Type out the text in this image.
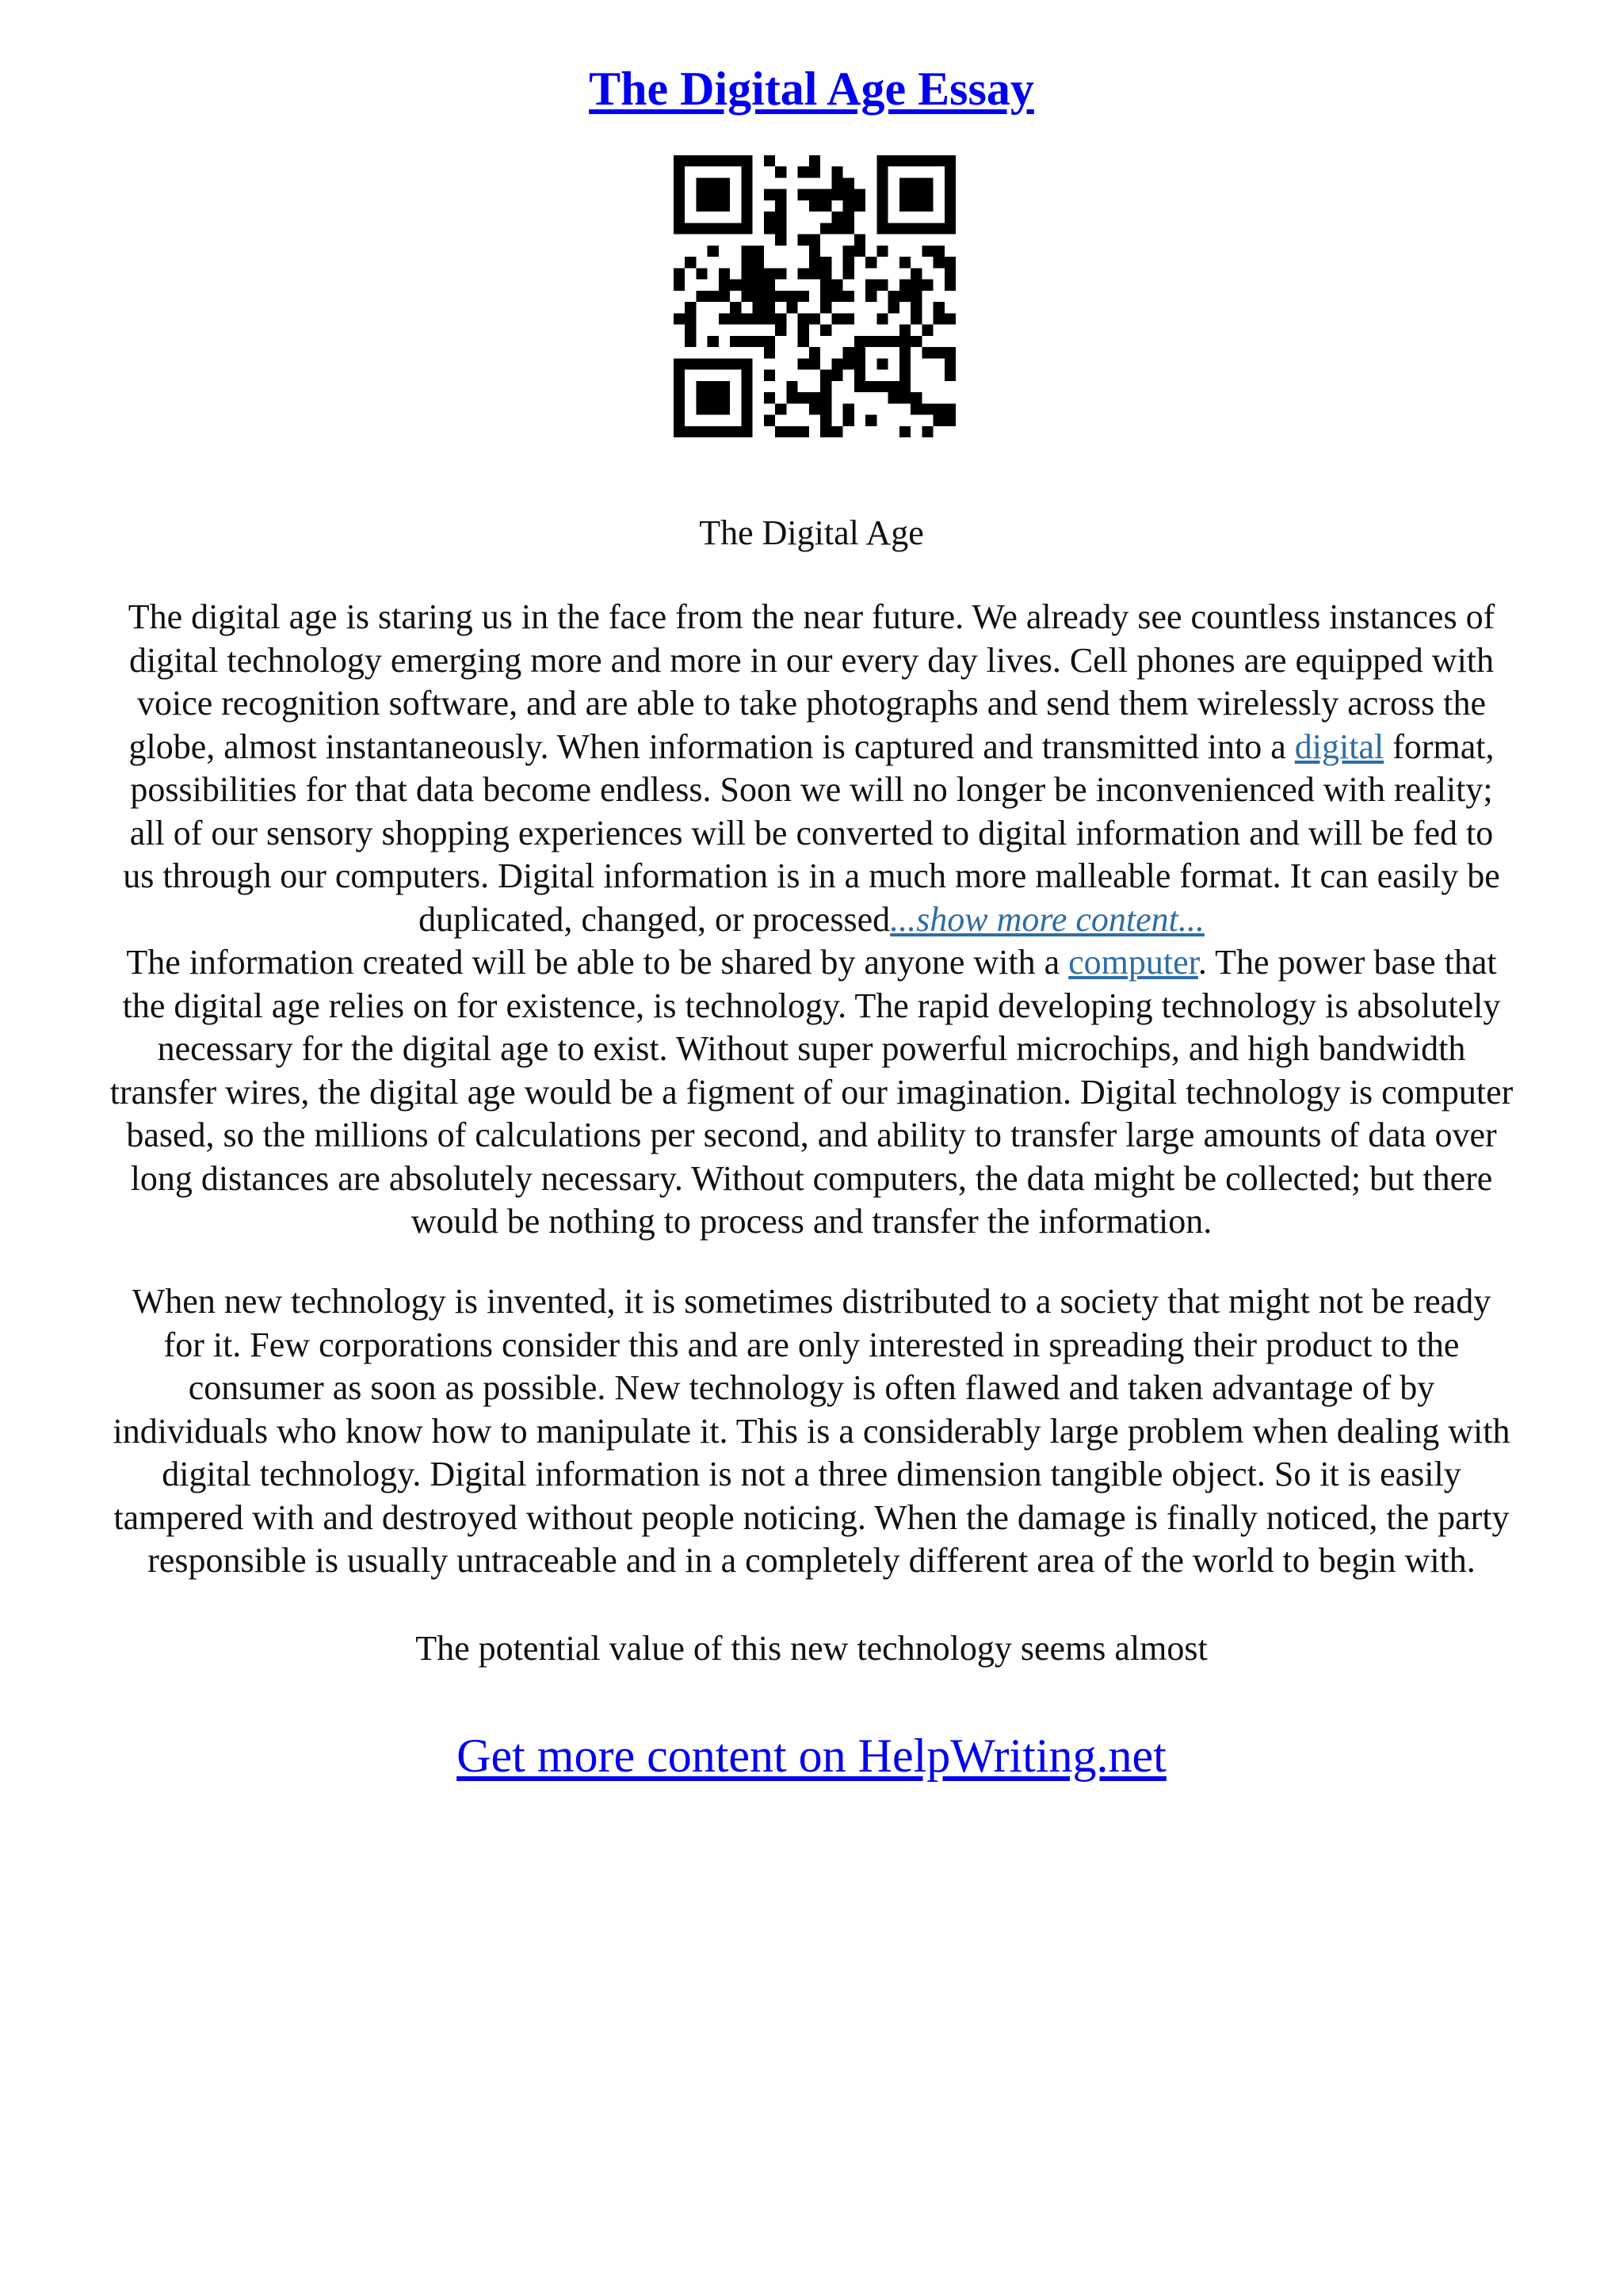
The Digital Age Essay
The Digital Age
The digital age is staring us in the face from the near future. We already see countless instances of
digital technology emerging more and more in our every day lives. Cell phones are equipped with
voice recognition software, and are able to take photographs and send them wirelessly across the
globe, almost instantaneously. When information is captured and transmitted into a digital format,
possibilities for that data become endless. Soon we will no longer be inconvenienced with reality;
all of our sensory shopping experiences will be converted to digital information and will be fed to
us through our computers. Digital information is in a much more malleable format. It can easily be
duplicated, changed, or processed...show more content...
The information created will be able to be shared by anyone with a computer. The power base that
the digital age relies on for existence, is technology. The rapid developing technology is absolutely
necessary for the digital age to exist. Without super powerful microchips, and high bandwidth
transfer wires, the digital age would be a figment of our imagination. Digital technology is computer
based, so the millions of calculations per second, and ability to transfer large amounts of data over
long distances are absolutely necessary. Without computers, the data might be collected; but there
would be nothing to process and transfer the information.
When new technology is invented, it is sometimes distributed to a society that might not be ready
for it. Few corporations consider this and are only interested in spreading their product to the
consumer as soon as possible. New technology is often flawed and taken advantage of by
individuals who know how to manipulate it. This is a considerably large problem when dealing with
digital technology. Digital information is not a three dimension tangible object. So it is easily
tampered with and destroyed without people noticing. When the damage is finally noticed, the party
responsible is usually untraceable and in a completely different area of the world to begin with.
The potential value of this new technology seems almost
Get more content on HelpWriting.net
